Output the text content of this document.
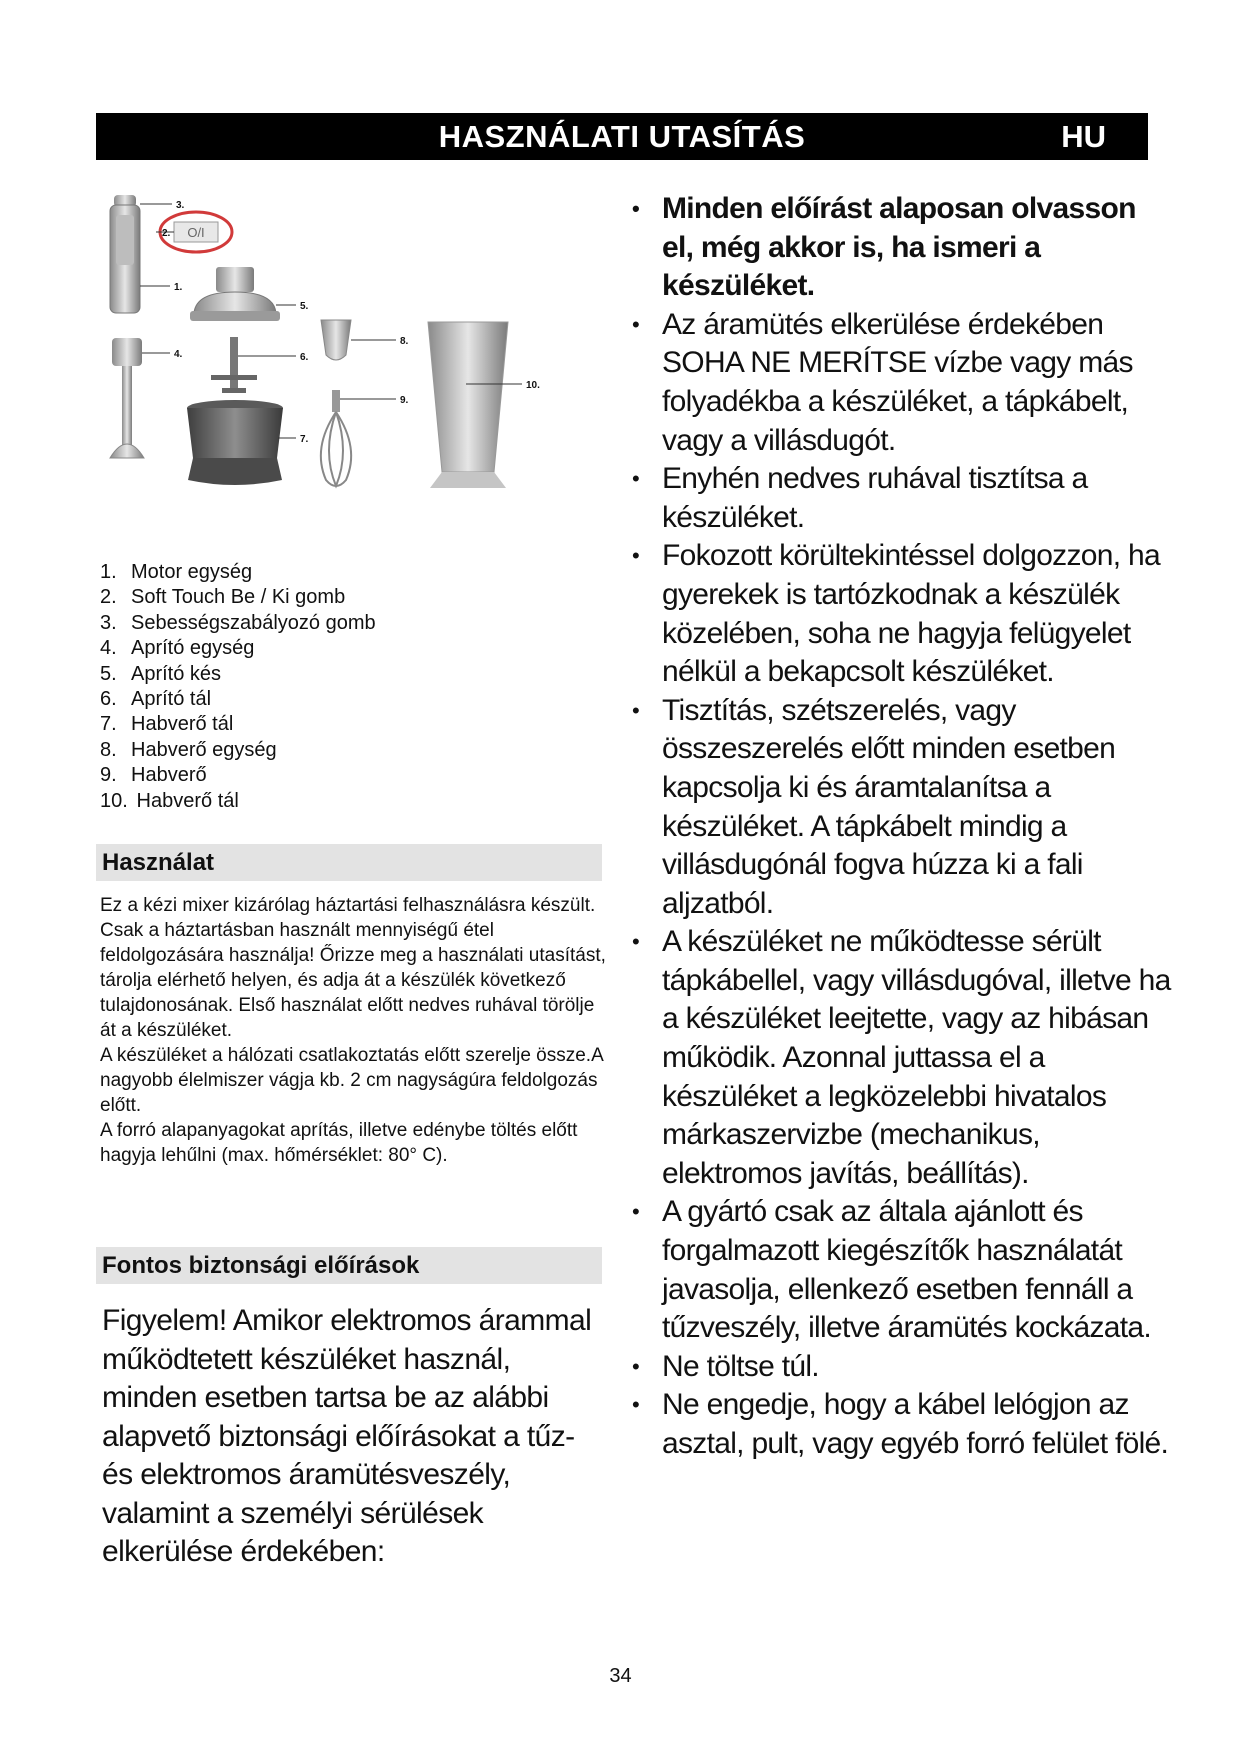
HASZNÁLATI UTASÍTÁS	HU
O/I
3.
2.
1.
4.
5.
6.
7.
8.
9.
10.
1. Motor egység
2. Soft Touch Be / Ki gomb
3. Sebességszabályozó gomb
4. Aprító egység
5. Aprító kés
6. Aprító tál
7. Habverő tál
8. Habverő egység
9. Habverő
10. Habverő tál
Használat

Ez a kézi mixer kizárólag háztartási felhasználásra készült. Csak a háztartásban használt mennyiségű étel feldolgozására használja! Őrizze meg a használati utasítást, tárolja elérhető helyen, és adja át a készülék következő tulajdonosának. Első használat előtt nedves ruhával törölje át a készüléket.

A készüléket a hálózati csatlakoztatás előtt szerelje össze.A nagyobb élelmiszer vágja kb. 2 cm nagyságúra feldolgozás előtt.

A forró alapanyagokat aprítás, illetve edénybe töltés előtt hagyja lehűlni (max. hőmérséklet: 80° C).

Fontos biztonsági előírások

Figyelem! Amikor elektromos árammal működtetett készüléket használ, minden esetben tartsa be az alábbi alapvető biztonsági előírásokat a tűz- és elektromos áramütésveszély, valamint a személyi sérülések elkerülése érdekében:

• Minden előírást alaposan olvasson el, még akkor is, ha ismeri a készüléket.
• Az áramütés elkerülése érdekében SOHA NE MERÍTSE vízbe vagy más folyadékba a készüléket, a tápkábelt, vagy a villásdugót.
• Enyhén nedves ruhával tisztítsa a készüléket.
• Fokozott körültekintéssel dolgozzon, ha gyerekek is tartózkodnak a készülék közelében, soha ne hagyja felügyelet nélkül a bekapcsolt készüléket.
• Tisztítás, szétszerelés, vagy összeszerelés előtt minden esetben kapcsolja ki és áramtalanítsa a készüléket. A tápkábelt mindig a villásdugónál fogva húzza ki a fali aljzatból.
• A készüléket ne működtesse sérült tápkábellel, vagy villásdugóval, illetve ha a készüléket leejtette, vagy az hibásan működik. Azonnal juttassa el a készüléket a legközelebbi hivatalos márkaszervizbe (mechanikus, elektromos javítás, beállítás).
• A gyártó csak az általa ajánlott és forgalmazott kiegészítők használatát javasolja, ellenkező esetben fennáll a tűzveszély, illetve áramütés kockázata.
• Ne töltse túl.
• Ne engedje, hogy a kábel lelógjon az asztal, pult, vagy egyéb forró felület fölé.
34
